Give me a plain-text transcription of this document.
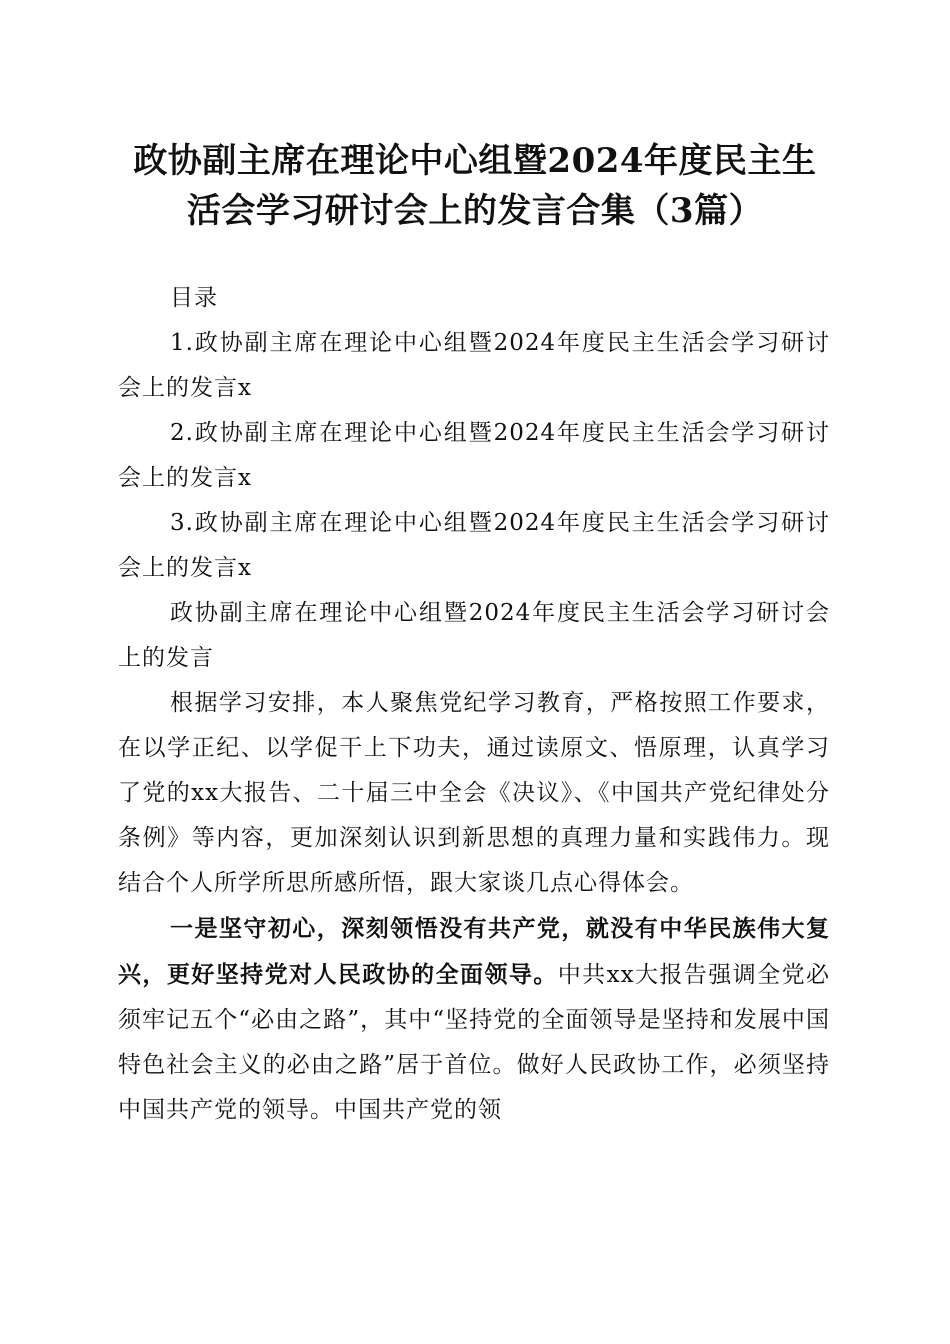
政协副主席在理论中心组暨2024年度民主生
活会学习研讨会上的发言合集（3篇）

目录

1.政协副主席在理论中心组暨2024年度民主生活会学习研讨会上的发言x

2.政协副主席在理论中心组暨2024年度民主生活会学习研讨会上的发言x

3.政协副主席在理论中心组暨2024年度民主生活会学习研讨会上的发言x

政协副主席在理论中心组暨2024年度民主生活会学习研讨会上的发言

根据学习安排，本人聚焦党纪学习教育，严格按照工作要求，在以学正纪、以学促干上下功夫，通过读原文、悟原理，认真学习了党的xx大报告、二十届三中全会《决议》、《中国共产党纪律处分条例》等内容，更加深刻认识到新思想的真理力量和实践伟力。现结合个人所学所思所感所悟，跟大家谈几点心得体会。

一是坚守初心，深刻领悟没有共产党，就没有中华民族伟大复兴，更好坚持党对人民政协的全面领导。中共xx大报告强调全党必须牢记五个“必由之路”，其中“坚持党的全面领导是坚持和发展中国特色社会主义的必由之路”居于首位。做好人民政协工作，必须坚持中国共产党的领导。中国共产党的领
